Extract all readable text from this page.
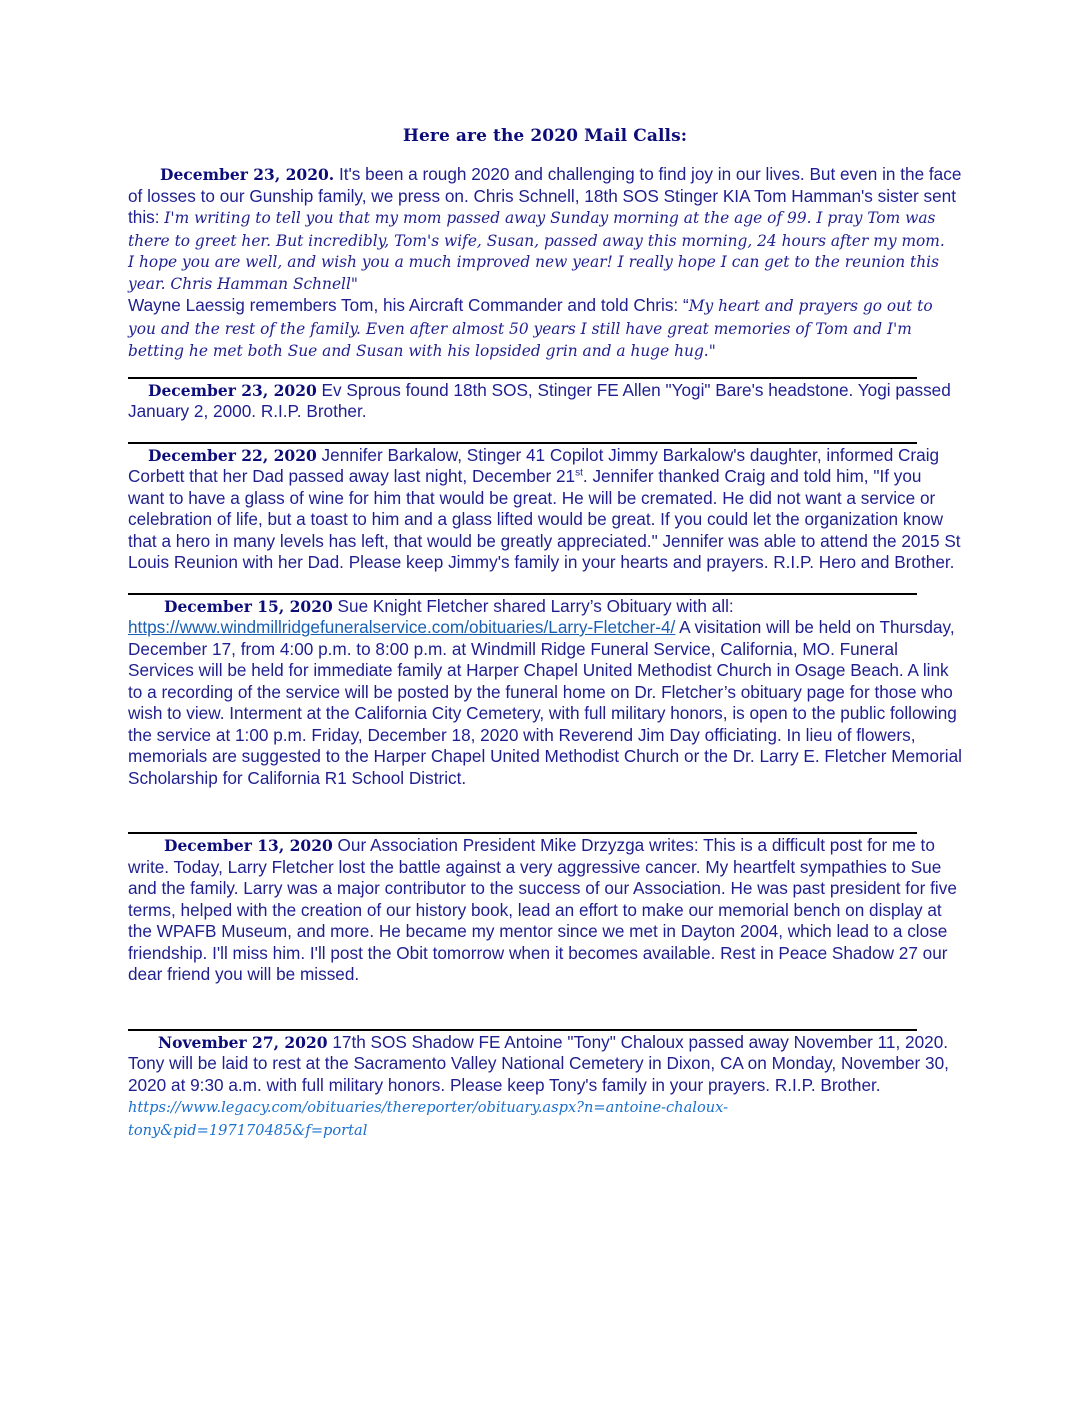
Here are the 2020 Mail Calls:
December 23, 2020. It's been a rough 2020 and challenging to find joy in our lives. But even in the face of losses to our Gunship family, we press on. Chris Schnell, 18th SOS Stinger KIA Tom Hamman's sister sent this: I'm writing to tell you that my mom passed away Sunday morning at the age of 99. I pray Tom was there to greet her. But incredibly, Tom's wife, Susan, passed away this morning, 24 hours after my mom.
I hope you are well, and wish you a much improved new year! I really hope I can get to the reunion this year. Chris Hamman Schnell"
Wayne Laessig remembers Tom, his Aircraft Commander and told Chris: “My heart and prayers go out to you and the rest of the family. Even after almost 50 years I still have great memories of Tom and I'm betting he met both Sue and Susan with his lopsided grin and a huge hug."
December 23, 2020 Ev Sprous found 18th SOS, Stinger FE Allen "Yogi" Bare's headstone. Yogi passed January 2, 2000. R.I.P. Brother.
December 22, 2020 Jennifer Barkalow, Stinger 41 Copilot Jimmy Barkalow's daughter, informed Craig Corbett that her Dad passed away last night, December 21st. Jennifer thanked Craig and told him, "If you want to have a glass of wine for him that would be great. He will be cremated. He did not want a service or celebration of life, but a toast to him and a glass lifted would be great. If you could let the organization know that a hero in many levels has left, that would be greatly appreciated." Jennifer was able to attend the 2015 St Louis Reunion with her Dad. Please keep Jimmy's family in your hearts and prayers. R.I.P. Hero and Brother.
December 15, 2020 Sue Knight Fletcher shared Larry’s Obituary with all: https://www.windmillridgefuneralservice.com/obituaries/Larry-Fletcher-4/ A visitation will be held on Thursday, December 17, from 4:00 p.m. to 8:00 p.m. at Windmill Ridge Funeral Service, California, MO. Funeral Services will be held for immediate family at Harper Chapel United Methodist Church in Osage Beach. A link to a recording of the service will be posted by the funeral home on Dr. Fletcher’s obituary page for those who wish to view. Interment at the California City Cemetery, with full military honors, is open to the public following the service at 1:00 p.m. Friday, December 18, 2020 with Reverend Jim Day officiating. In lieu of flowers, memorials are suggested to the Harper Chapel United Methodist Church or the Dr. Larry E. Fletcher Memorial Scholarship for California R1 School District.
December 13, 2020 Our Association President Mike Drzyzga writes: This is a difficult post for me to write. Today, Larry Fletcher lost the battle against a very aggressive cancer. My heartfelt sympathies to Sue and the family. Larry was a major contributor to the success of our Association. He was past president for five terms, helped with the creation of our history book, lead an effort to make our memorial bench on display at the WPAFB Museum, and more. He became my mentor since we met in Dayton 2004, which lead to a close friendship. I'll miss him. I'll post the Obit tomorrow when it becomes available. Rest in Peace Shadow 27 our dear friend you will be missed.
November 27, 2020 17th SOS Shadow FE Antoine "Tony" Chaloux passed away November 11, 2020. Tony will be laid to rest at the Sacramento Valley National Cemetery in Dixon, CA on Monday, November 30, 2020 at 9:30 a.m. with full military honors. Please keep Tony's family in your prayers. R.I.P. Brother. https://www.legacy.com/obituaries/thereporter/obituary.aspx?n=antoine-chaloux-tony&pid=197170485&f=portal
